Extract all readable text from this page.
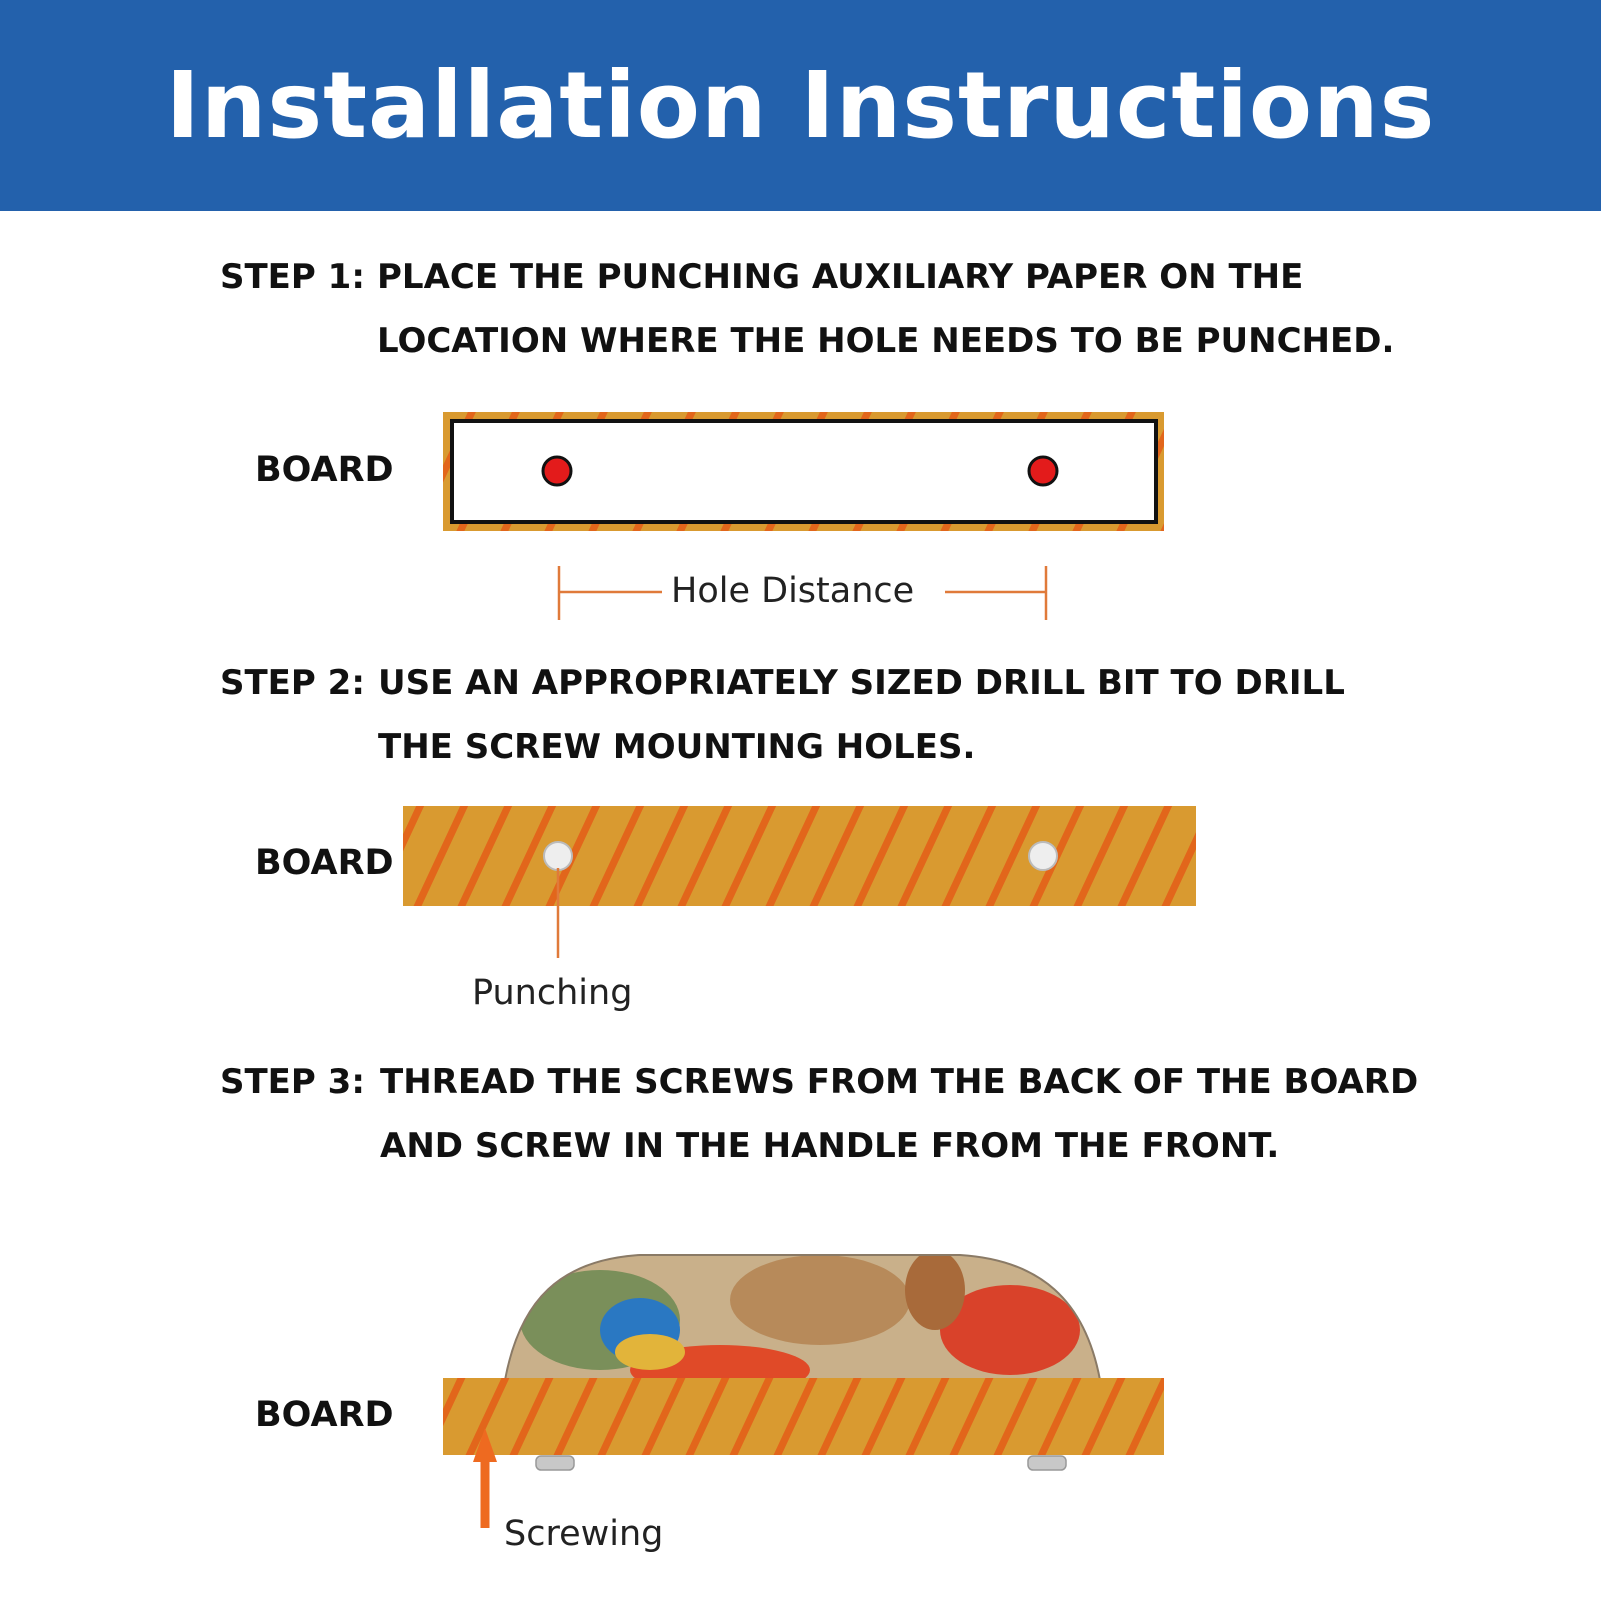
Installation Instructions
STEP 1: PLACE THE PUNCHING AUXILIARY PAPER ON THE
LOCATION WHERE THE HOLE NEEDS TO BE PUNCHED.
STEP 2: USE AN APPROPRIATELY SIZED DRILL BIT TO DRILL
THE SCREW MOUNTING HOLES.
STEP 3: THREAD THE SCREWS FROM THE BACK OF THE BOARD
AND SCREW IN THE HANDLE FROM THE FRONT.
BOARD
BOARD
BOARD
Hole Distance
Punching
Screwing
